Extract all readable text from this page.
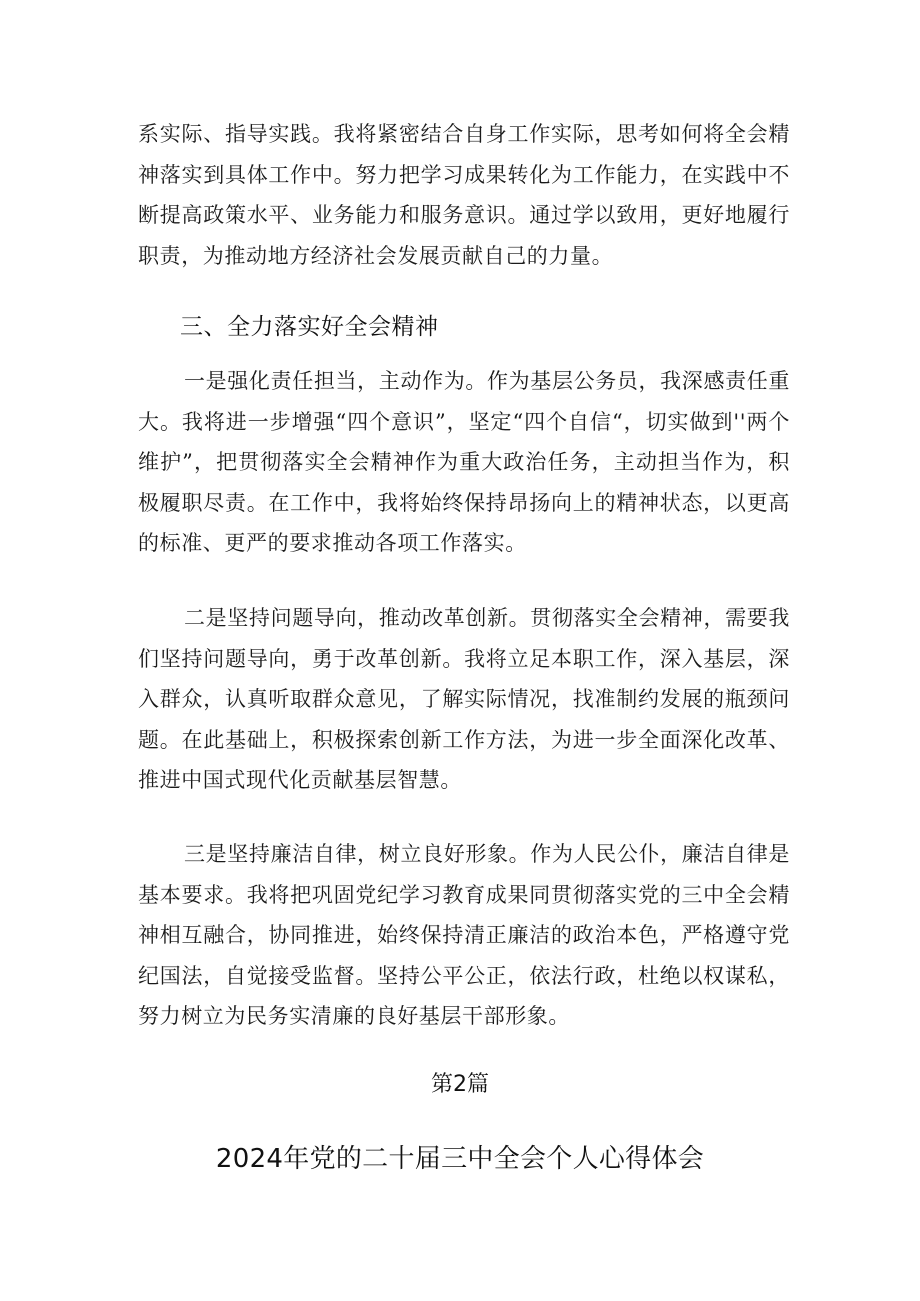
系实际、指导实践。我将紧密结合自身工作实际，思考如何将全会精神落实到具体工作中。努力把学习成果转化为工作能力，在实践中不断提高政策水平、业务能力和服务意识。通过学以致用，更好地履行职责，为推动地方经济社会发展贡献自己的力量。

三、全力落实好全会精神

一是强化责任担当，主动作为。作为基层公务员，我深感责任重大。我将进一步增强“四个意识”，坚定“四个自信“，切实做到''两个维护”，把贯彻落实全会精神作为重大政治任务，主动担当作为，积极履职尽责。在工作中，我将始终保持昂扬向上的精神状态，以更高的标准、更严的要求推动各项工作落实。

二是坚持问题导向，推动改革创新。贯彻落实全会精神，需要我们坚持问题导向，勇于改革创新。我将立足本职工作，深入基层，深入群众，认真听取群众意见，了解实际情况，找准制约发展的瓶颈问题。在此基础上，积极探索创新工作方法，为进一步全面深化改革、推进中国式现代化贡献基层智慧。

三是坚持廉洁自律，树立良好形象。作为人民公仆，廉洁自律是基本要求。我将把巩固党纪学习教育成果同贯彻落实党的三中全会精神相互融合，协同推进，始终保持清正廉洁的政治本色，严格遵守党纪国法，自觉接受监督。坚持公平公正，依法行政，杜绝以权谋私，努力树立为民务实清廉的良好基层干部形象。

第2篇
2024年党的二十届三中全会个人心得体会
